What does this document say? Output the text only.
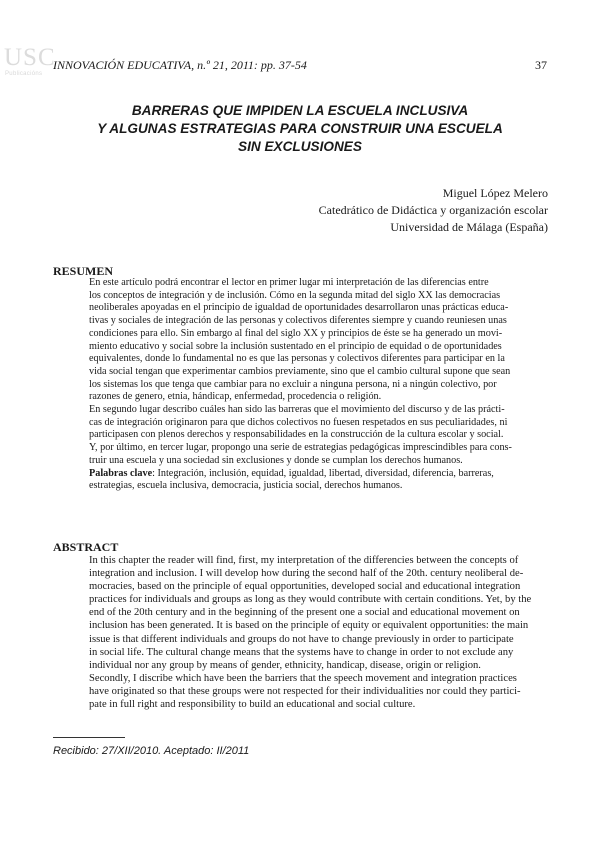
USC
Publicacións
INNOVACIÓN EDUCATIVA, n.º 21, 2011: pp. 37-54	37
BARRERAS QUE IMPIDEN LA ESCUELA INCLUSIVA
Y ALGUNAS ESTRATEGIAS PARA CONSTRUIR UNA ESCUELA
SIN EXCLUSIONES
Miguel López Melero
Catedrático de Didáctica y organización escolar
Universidad de Málaga (España)
RESUMEN
En este artículo podrá encontrar el lector en primer lugar mi interpretación de las diferencias entre
los conceptos de integración y de inclusión. Cómo en la segunda mitad del siglo XX las democracias
neoliberales apoyadas en el principio de igualdad de oportunidades desarrollaron unas prácticas educa-
tivas y sociales de integración de las personas y colectivos diferentes siempre y cuando reuniesen unas
condiciones para ello. Sin embargo al final del siglo XX y principios de éste se ha generado un movi-
miento educativo y social sobre la inclusión sustentado en el principio de equidad o de oportunidades
equivalentes, donde lo fundamental no es que las personas y colectivos diferentes para participar en la
vida social tengan que experimentar cambios previamente, sino que el cambio cultural supone que sean
los sistemas los que tenga que cambiar para no excluir a ninguna persona, ni a ningún colectivo, por
razones de genero, etnia, hándicap, enfermedad, procedencia o religión.
En segundo lugar describo cuáles han sido las barreras que el movimiento del discurso y de las prácti-
cas de integración originaron para que dichos colectivos no fuesen respetados en sus peculiaridades, ni
participasen con plenos derechos y responsabilidades en la construcción de la cultura escolar y social.
Y, por último, en tercer lugar, propongo una serie de estrategias pedagógicas imprescindibles para cons-
truir una escuela y una sociedad sin exclusiones y donde se cumplan los derechos humanos.
Palabras clave: Integración, inclusión, equidad, igualdad, libertad, diversidad, diferencia, barreras,
estrategias, escuela inclusiva, democracia, justicia social, derechos humanos.
ABSTRACT
In this chapter the reader will find, first, my interpretation of the differencies between the concepts of
integration and inclusion. I will develop how during the second half of the 20th. century neoliberal de-
mocracies, based on the principle of equal opportunities, developed social and educational integration
practices for individuals and groups as long as they would contribute with certain conditions. Yet, by the
end of the 20th century and in the beginning of the present one a social and educational movement on
inclusion has been generated. It is based on the principle of equity or equivalent opportunities: the main
issue is that different individuals and groups do not have to change previously in order to participate
in social life. The cultural change means that the systems have to change in order to not exclude any
individual nor any group by means of gender, ethnicity, handicap, disease, origin or religion.
Secondly, I discribe which have been the barriers that the speech movement and integration practices
have originated so that these groups were not respected for their individualities nor could they partici-
pate in full right and responsibility to build an educational and social culture.
Recibido: 27/XII/2010. Aceptado: II/2011
